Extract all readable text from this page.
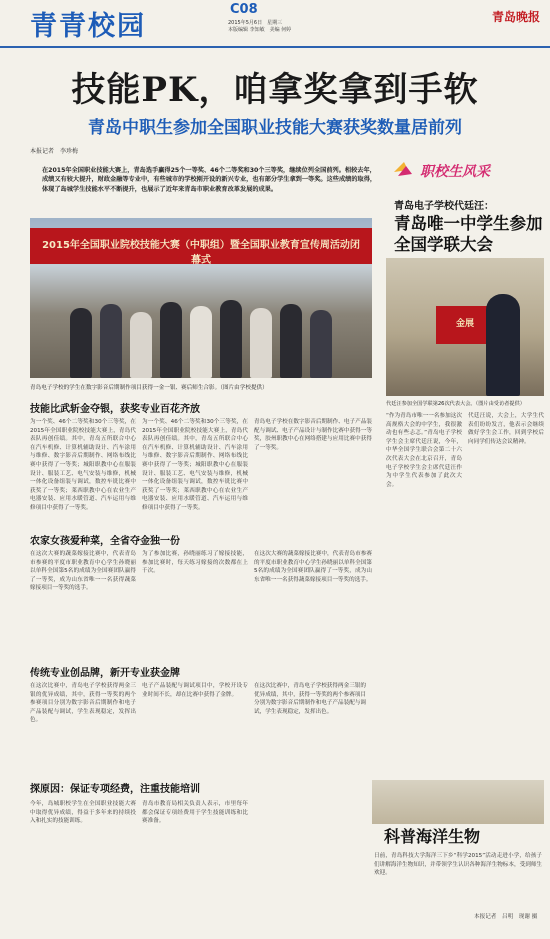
青青校园
C08
2015年5月6日　星期三
本版编辑 李知敏　美编 何婷
青岛晚报
技能PK，咱拿奖拿到手软
青岛中职生参加全国职业技能大赛获奖数量居前列
本报记者　李珍梅
在2015年全国职业技能大赛上，青岛选手赢得25个一等奖、46个二等奖和30个三等奖，继续位列全国前列。相较去年，成绩又有较大提升，财政金融等专业中，有些城市的学校刚开设的新兴专业，也有部分学生拿到一等奖。这些成绩的取得，体现了岛城学生技能水平不断提升，也展示了近年来青岛市职业教育改革发展的成果。
职校生风采
2015年全国职业院校技能大赛（中职组）暨全国职业教育宣传周活动闭幕式
青岛电子学校的学生在数字影音后期制作项目获得一金一银、赛后师生合影。（图片由学校提供）
技能比武斩金夺银，获奖专业百花齐放
为一个奖、46个二等奖和30个三等奖，在2015年全国职业院校技能大赛上，青岛代表队再创佳绩。其中，青岛五所联合中心在汽车机修、计算机辅助设计、汽车涂用与维修、数字影音后期制作、网络布线比赛中获得了一等奖；城阳职教中心在服装设计、服装工艺、电气安装与维修，机械一体化设备组装与调试，数控车铣比赛中获奖了一等奖；莱西职教中心在农业生产电器安装、应用水暖管道、汽车运用与维修项目中获得了一等奖。
为一个奖、46个二等奖和30个三等奖，在2015年全国职业院校技能大赛上，青岛代表队再创佳绩。其中，青岛五所联合中心在汽车机修、计算机辅助设计、汽车涂用与维修、数字影音后期制作、网络布线比赛中获得了一等奖；城阳职教中心在服装设计、服装工艺、电气安装与维修，机械一体化设备组装与调试，数控车铣比赛中获奖了一等奖；莱西职教中心在农业生产电器安装、应用水暖管道、汽车运用与维修项目中获得了一等奖。
青岛电子学校在数字影音后期制作、电子产品装配与调试、电子产品设计与制作比赛中获得一等奖，胶州职教中心在网络搭建与应用比赛中获得了一等奖。
农家女孩爱种菜，全省夺金独一份
在这次大赛的蔬菜嫁接比赛中，代表青岛市参赛的平度市职业教育中心学生孙晓丽以单科全国第5名的成绩为全国赛团队赢得了一等奖，成为山东省唯一一名获得蔬菜嫁接项目一等奖的选手。
为了参加比赛，孙晓丽练习了嫁接技能，参加比赛时，每天练习嫁接的次数都在上千次。
在这次大赛的蔬菜嫁接比赛中，代表青岛市参赛的平度市职业教育中心学生孙晓丽以单科全国第5名的成绩为全国赛团队赢得了一等奖，成为山东省唯一一名获得蔬菜嫁接项目一等奖的选手。
传统专业创品牌，新开专业获金牌
在这次比赛中，青岛电子学校获得两金三银的优异成绩，其中，获得一等奖的两个参赛项目分别为数字影音后期制作和电子产品装配与调试，学生表现稳定，发挥出色。
电子产品装配与调试项目中，学校开设专业时间不长，却在比赛中获得了金牌。
探原因：保证专项经费，注重技能培训
今年，岛城职校学生在全国职业技能大赛中取得优异成绩，得益于多年来的持续投入和扎实的技能训练。
青岛市教育局相关负责人表示，市里每年都会保证专项经费用于学生技能训练和比赛准备。
在这次比赛中，青岛电子学校获得两金三银的优异成绩，其中，获得一等奖的两个参赛项目分别为数字影音后期制作和电子产品装配与调试，学生表现稳定，发挥出色。
青岛电子学校代廷汪：
青岛唯一中学生参加全国学联大会
金展
代廷汪参加全国学联第26次代表大会。（图片由受访者提供）
“作为青岛市唯一一名参加这次高规格大会的中学生，我很激动也有些忐忑。”青岛电子学校学生会主席代廷汪说，今年，中华全国学生联合会第二十六次代表大会在北京召开，青岛电子学校学生会主席代廷汪作为中学生代表参加了此次大会。
代廷汪说，大会上，大学生代表们纷纷发言，他表示会继续做好学生会工作，回到学校后向同学们传达会议精神。
科普海洋生物
日前，青岛科技大学海洋三下乡“科学2015”活动走进小学，给孩子们讲解海洋生物知识，并带领学生认识各种海洋生物标本，受到师生欢迎。
本报记者　吕明　现谢 摄
